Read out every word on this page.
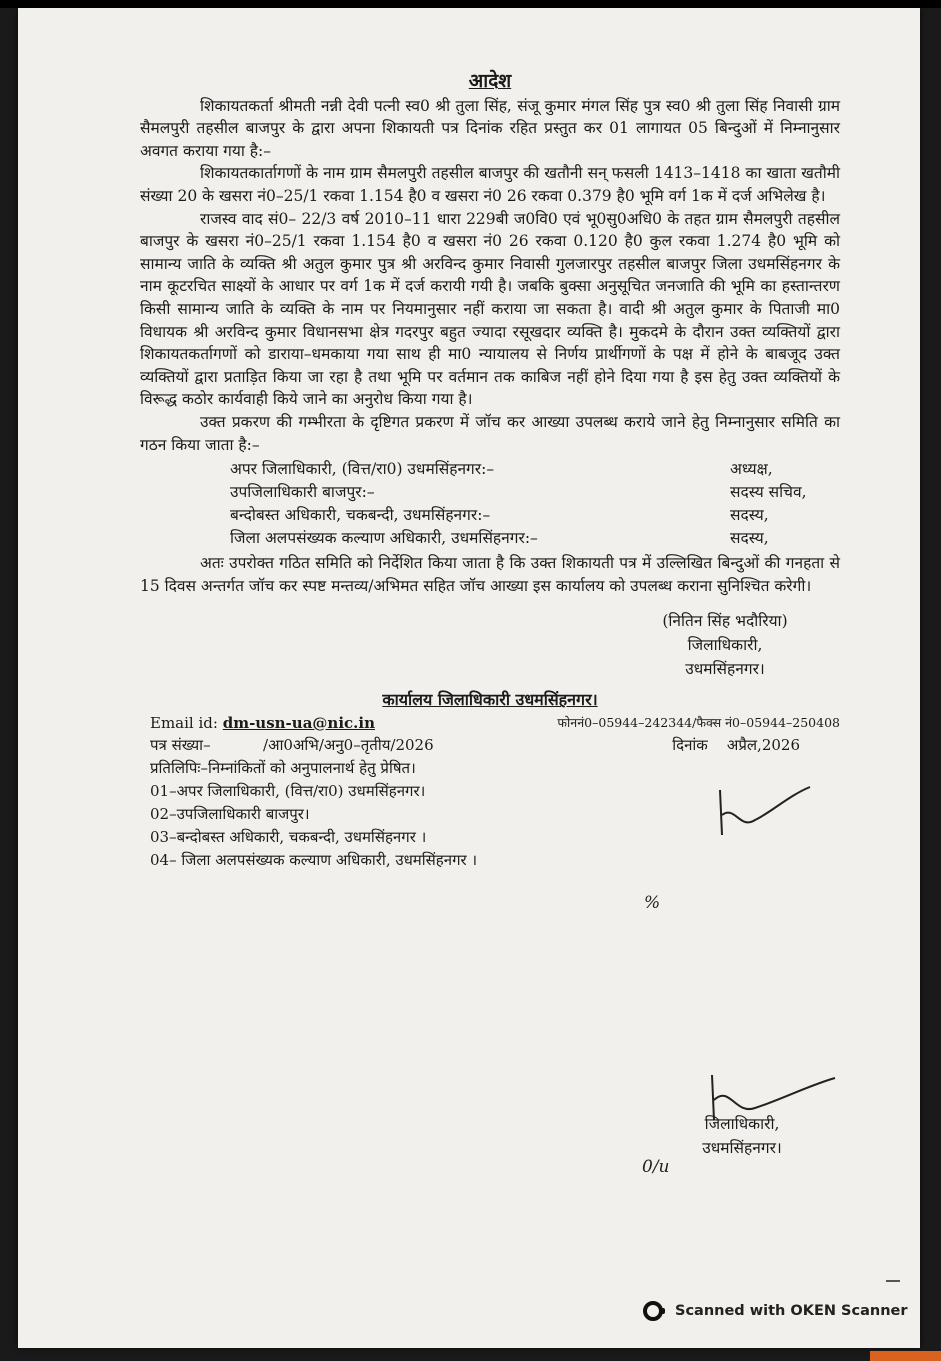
आदेश

शिकायतकर्ता श्रीमती नन्नी देवी पत्नी स्व0 श्री तुला सिंह, संजू कुमार मंगल सिंह पुत्र स्व0 श्री तुला सिंह निवासी ग्राम सैमलपुरी तहसील बाजपुर के द्वारा अपना शिकायती पत्र दिनांक रहित प्रस्तुत कर 01 लागायत 05 बिन्दुओं में निम्नानुसार अवगत कराया गया है:–

शिकायतकार्तागणों के नाम ग्राम सैमलपुरी तहसील बाजपुर की खतौनी सन् फसली 1413–1418 का खाता खतौमी संख्या 20 के खसरा नं0–25/1 रकवा 1.154 है0 व खसरा नं0 26 रकवा 0.379 है0 भूमि वर्ग 1क में दर्ज अभिलेख है।

राजस्व वाद सं0– 22/3 वर्ष 2010–11 धारा 229बी ज0वि0 एवं भू0सु0अधि0 के तहत ग्राम सैमलपुरी तहसील बाजपुर के खसरा नं0–25/1 रकवा 1.154 है0 व खसरा नं0 26 रकवा 0.120 है0 कुल रकवा 1.274 है0 भूमि को सामान्य जाति के व्यक्ति श्री अतुल कुमार पुत्र श्री अरविन्द कुमार निवासी गुलजारपुर तहसील बाजपुर जिला उधमसिंहनगर के नाम कूटरचित साक्ष्यों के आधार पर वर्ग 1क में दर्ज करायी गयी है। जबकि बुक्सा अनुसूचित जनजाति की भूमि का हस्तान्तरण किसी सामान्य जाति के व्यक्ति के नाम पर नियमानुसार नहीं कराया जा सकता है। वादी श्री अतुल कुमार के पिताजी मा0 विधायक श्री अरविन्द कुमार विधानसभा क्षेत्र गदरपुर बहुत ज्यादा रसूखदार व्यक्ति है। मुकदमे के दौरान उक्त व्यक्तियों द्वारा शिकायतकर्तागणों को डाराया–धमकाया गया साथ ही मा0 न्यायालय से निर्णय प्रार्थीगणों के पक्ष में होने के बाबजूद उक्त व्यक्तियों द्वारा प्रताड़ित किया जा रहा है तथा भूमि पर वर्तमान तक काबिज नहीं होने दिया गया है इस हेतु उक्त व्यक्तियों के विरूद्ध कठोर कार्यवाही किये जाने का अनुरोध किया गया है।

उक्त प्रकरण की गम्भीरता के दृष्टिगत प्रकरण में जॉच कर आख्या उपलब्ध कराये जाने हेतु निम्नानुसार समिति का गठन किया जाता है:–

अपर जिलाधिकारी, (वित्त/रा0) उधमसिंहनगर:–	अध्यक्ष,
उपजिलाधिकारी बाजपुर:–	सदस्य सचिव,
बन्दोबस्त अधिकारी, चकबन्दी, उधमसिंहनगर:–	सदस्य,
जिला अलपसंख्यक कल्याण अधिकारी, उधमसिंहनगर:–	सदस्य,

अतः उपरोक्त गठित समिति को निर्देशित किया जाता है कि उक्त शिकायती पत्र में उल्लिखित बिन्दुओं की गनहता से 15 दिवस अन्तर्गत जॉच कर स्पष्ट मन्तव्य/अभिमत सहित जॉच आख्या इस कार्यालय को उपलब्ध कराना सुनिश्चित करेगी।

(नितिन सिंह भदौरिया)
जिलाधिकारी,
उधमसिंहनगर।
कार्यालय जिलाधिकारी उधमसिंहनगर।
Email id: dm-usn-ua@nic.in	फोननं0–05944–242344/फैक्स नं0–05944–250408
पत्र संख्या–           /आ0अभि/अनु0–तृतीय/2026	दिनांक    अप्रैल,2026
प्रतिलिपिः–निम्नांकितों को अनुपालनार्थ हेतु प्रेषित।
01–अपर जिलाधिकारी, (वित्त/रा0) उधमसिंहनगर।
02–उपजिलाधिकारी बाजपुर।
03–बन्दोबस्त अधिकारी, चकबन्दी, उधमसिंहनगर ।
04– जिला अलपसंख्यक कल्याण अधिकारी, उधमसिंहनगर ।
%
0/u
जिलाधिकारी,
उधमसिंहनगर।
Scanned with OKEN Scanner
